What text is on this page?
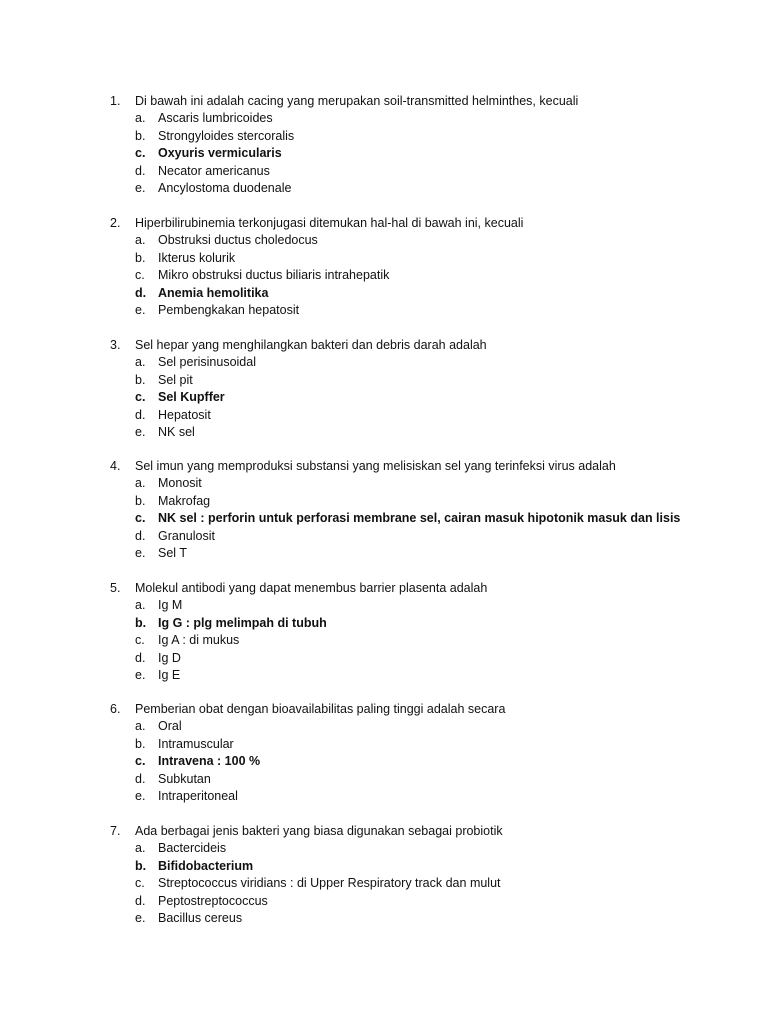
1. Di bawah ini adalah cacing yang merupakan soil-transmitted helminthes, kecuali
a. Ascaris lumbricoides
b. Strongyloides stercoralis
c. Oxyuris vermicularis
d. Necator americanus
e. Ancylostoma duodenale
2. Hiperbilirubinemia terkonjugasi ditemukan hal-hal di bawah ini, kecuali
a. Obstruksi ductus choledocus
b. Ikterus kolurik
c. Mikro obstruksi ductus biliaris intrahepatik
d. Anemia hemolitika
e. Pembengkakan hepatosit
3. Sel hepar yang menghilangkan bakteri dan debris darah adalah
a. Sel perisinusoidal
b. Sel pit
c. Sel Kupffer
d. Hepatosit
e. NK sel
4. Sel imun yang memproduksi substansi yang melisiskan sel yang terinfeksi virus adalah
a. Monosit
b. Makrofag
c. NK sel : perforin untuk perforasi membrane sel, cairan masuk hipotonik masuk dan lisis
d. Granulosit
e. Sel T
5. Molekul antibodi yang dapat menembus barrier plasenta adalah
a. Ig M
b. Ig G : plg melimpah di tubuh
c. Ig A : di mukus
d. Ig D
e. Ig E
6. Pemberian obat dengan bioavailabilitas paling tinggi adalah secara
a. Oral
b. Intramuscular
c. Intravena : 100 %
d. Subkutan
e. Intraperitoneal
7. Ada berbagai jenis bakteri yang biasa digunakan sebagai probiotik
a. Bactercideis
b. Bifidobacterium
c. Streptococcus viridians : di Upper Respiratory track dan mulut
d. Peptostreptococcus
e. Bacillus cereus
